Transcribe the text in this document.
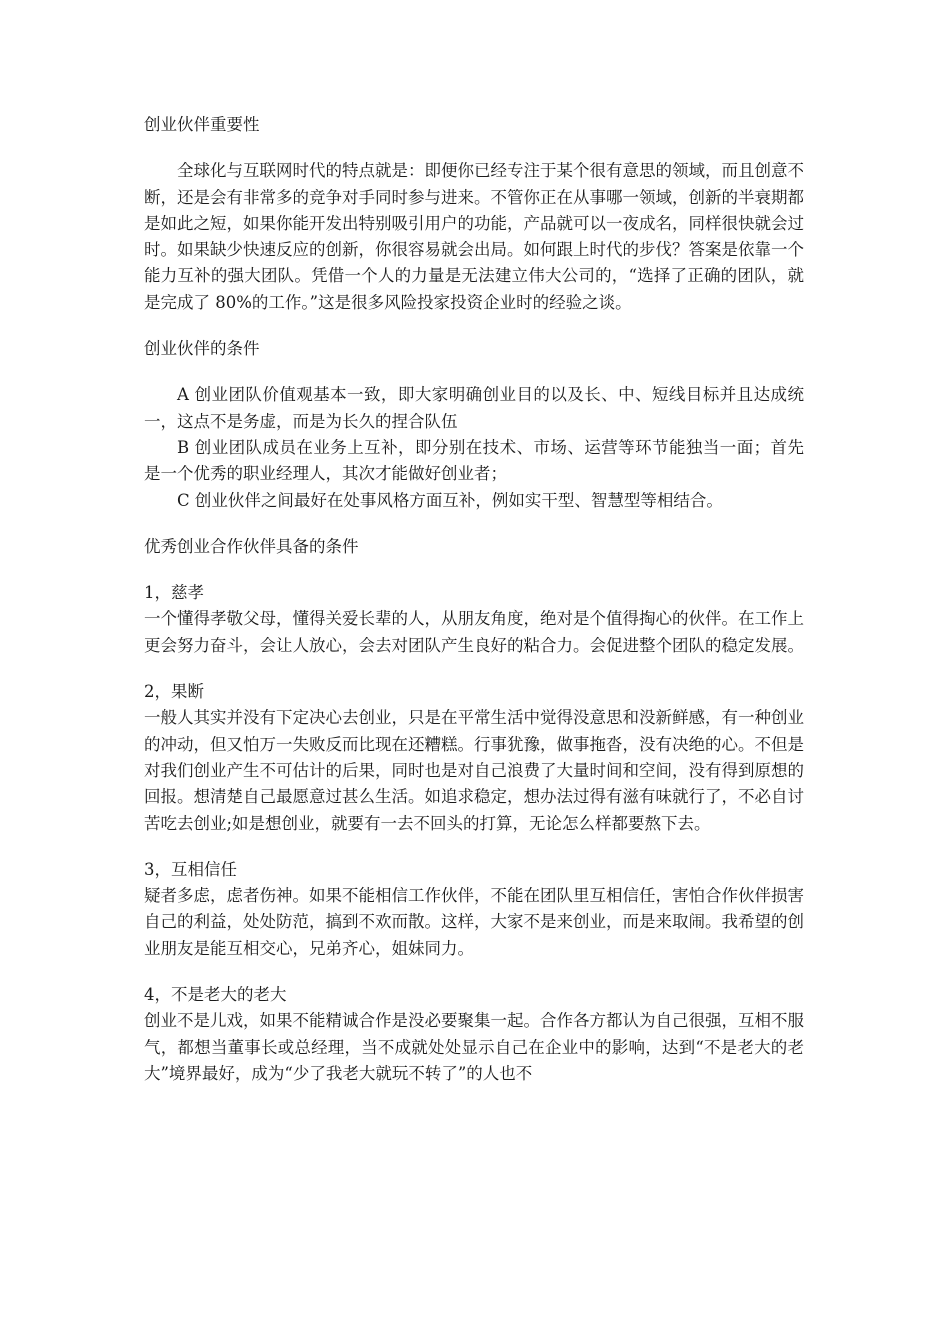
创业伙伴重要性

全球化与互联网时代的特点就是：即便你已经专注于某个很有意思的领域，而且创意不断，还是会有非常多的竞争对手同时参与进来。不管你正在从事哪一领域，创新的半衰期都是如此之短，如果你能开发出特别吸引用户的功能，产品就可以一夜成名，同样很快就会过时。如果缺少快速反应的创新，你很容易就会出局。如何跟上时代的步伐？答案是依靠一个能力互补的强大团队。凭借一个人的力量是无法建立伟大公司的，“选择了正确的团队，就是完成了 80%的工作。”这是很多风险投家投资企业时的经验之谈。

创业伙伴的条件

A 创业团队价值观基本一致，即大家明确创业目的以及长、中、短线目标并且达成统一，这点不是务虚，而是为长久的捏合队伍

B 创业团队成员在业务上互补，即分别在技术、市场、运营等环节能独当一面；首先是一个优秀的职业经理人，其次才能做好创业者；

C 创业伙伴之间最好在处事风格方面互补，例如实干型、智慧型等相结合。

优秀创业合作伙伴具备的条件

1，慈孝

一个懂得孝敬父母，懂得关爱长辈的人，从朋友角度，绝对是个值得掏心的伙伴。在工作上更会努力奋斗，会让人放心，会去对团队产生良好的粘合力。会促进整个团队的稳定发展。

2，果断

一般人其实并没有下定决心去创业，只是在平常生活中觉得没意思和没新鲜感，有一种创业的冲动，但又怕万一失败反而比现在还糟糕。行事犹豫，做事拖沓，没有决绝的心。不但是对我们创业产生不可估计的后果，同时也是对自己浪费了大量时间和空间，没有得到原想的回报。想清楚自己最愿意过甚么生活。如追求稳定，想办法过得有滋有味就行了，不必自讨苦吃去创业;如是想创业，就要有一去不回头的打算，无论怎么样都要熬下去。

3，互相信任

疑者多虑，虑者伤神。如果不能相信工作伙伴，不能在团队里互相信任，害怕合作伙伴损害自己的利益，处处防范，搞到不欢而散。这样，大家不是来创业，而是来取闹。我希望的创业朋友是能互相交心，兄弟齐心，姐妹同力。

4，不是老大的老大

创业不是儿戏，如果不能精诚合作是没必要聚集一起。合作各方都认为自己很强，互相不服气，都想当董事长或总经理，当不成就处处显示自己在企业中的影响，达到“不是老大的老大”境界最好，成为“少了我老大就玩不转了”的人也不
